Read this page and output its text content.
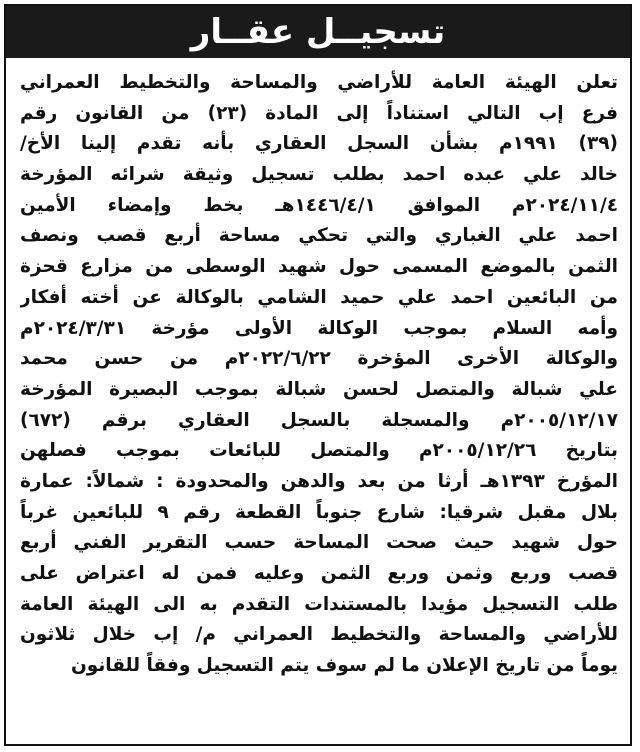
تسجيــل عقــار
تعلن الهيئة العامة للأراضي والمساحة والتخطيط العمراني
فرع إب التالي استناداً إلى المادة (٢٣) من القانون رقم
(٣٩) ١٩٩١م بشأن السجل العقاري بأنه تقدم إلينا الأخ/
خالد علي عبده احمد بطلب تسجيل وثيقة شرائه المؤرخة
٢٠٢٤/١١/٤م الموافق ١٤٤٦/٤/١هـ بخط وإمضاء الأمين
احمد علي الغباري والتي تحكي مساحة أربع قصب ونصف
الثمن بالموضع المسمى حول شهيد الوسطى من مزارع قحزة
من البائعين احمد علي حميد الشامي بالوكالة عن أخته أفكار
وأمه السلام بموجب الوكالة الأولى مؤرخة ٢٠٢٤/٣/٣١م
والوكالة الأخرى المؤخرة ٢٠٢٢/٦/٢٢م من حسن محمد
علي شبالة والمتصل لحسن شبالة بموجب البصيرة المؤرخة
٢٠٠٥/١٢/١٧م والمسجلة بالسجل العقاري برقم (٦٧٢)
بتاريخ ٢٠٠٥/١٢/٢٦م والمتصل للبائعات بموجب فصلهن
المؤرخ ١٣٩٣هـ أرثا من بعد والدهن والمحدودة : شمالاً: عمارة
بلال مقبل شرقيا: شارع جنوباً القطعة رقم ٩ للبائعين غرباً
حول شهيد حيث صحت المساحة حسب التقرير الفني أربع
قصب وربع وثمن وربع الثمن وعليه فمن له اعتراض على
طلب التسجيل مؤيدا بالمستندات التقدم به الى الهيئة العامة
للأراضي والمساحة والتخطيط العمراني م/ إب خلال ثلاثون
يوماً من تاريخ الإعلان ما لم سوف يتم التسجيل وفقاً للقانون
